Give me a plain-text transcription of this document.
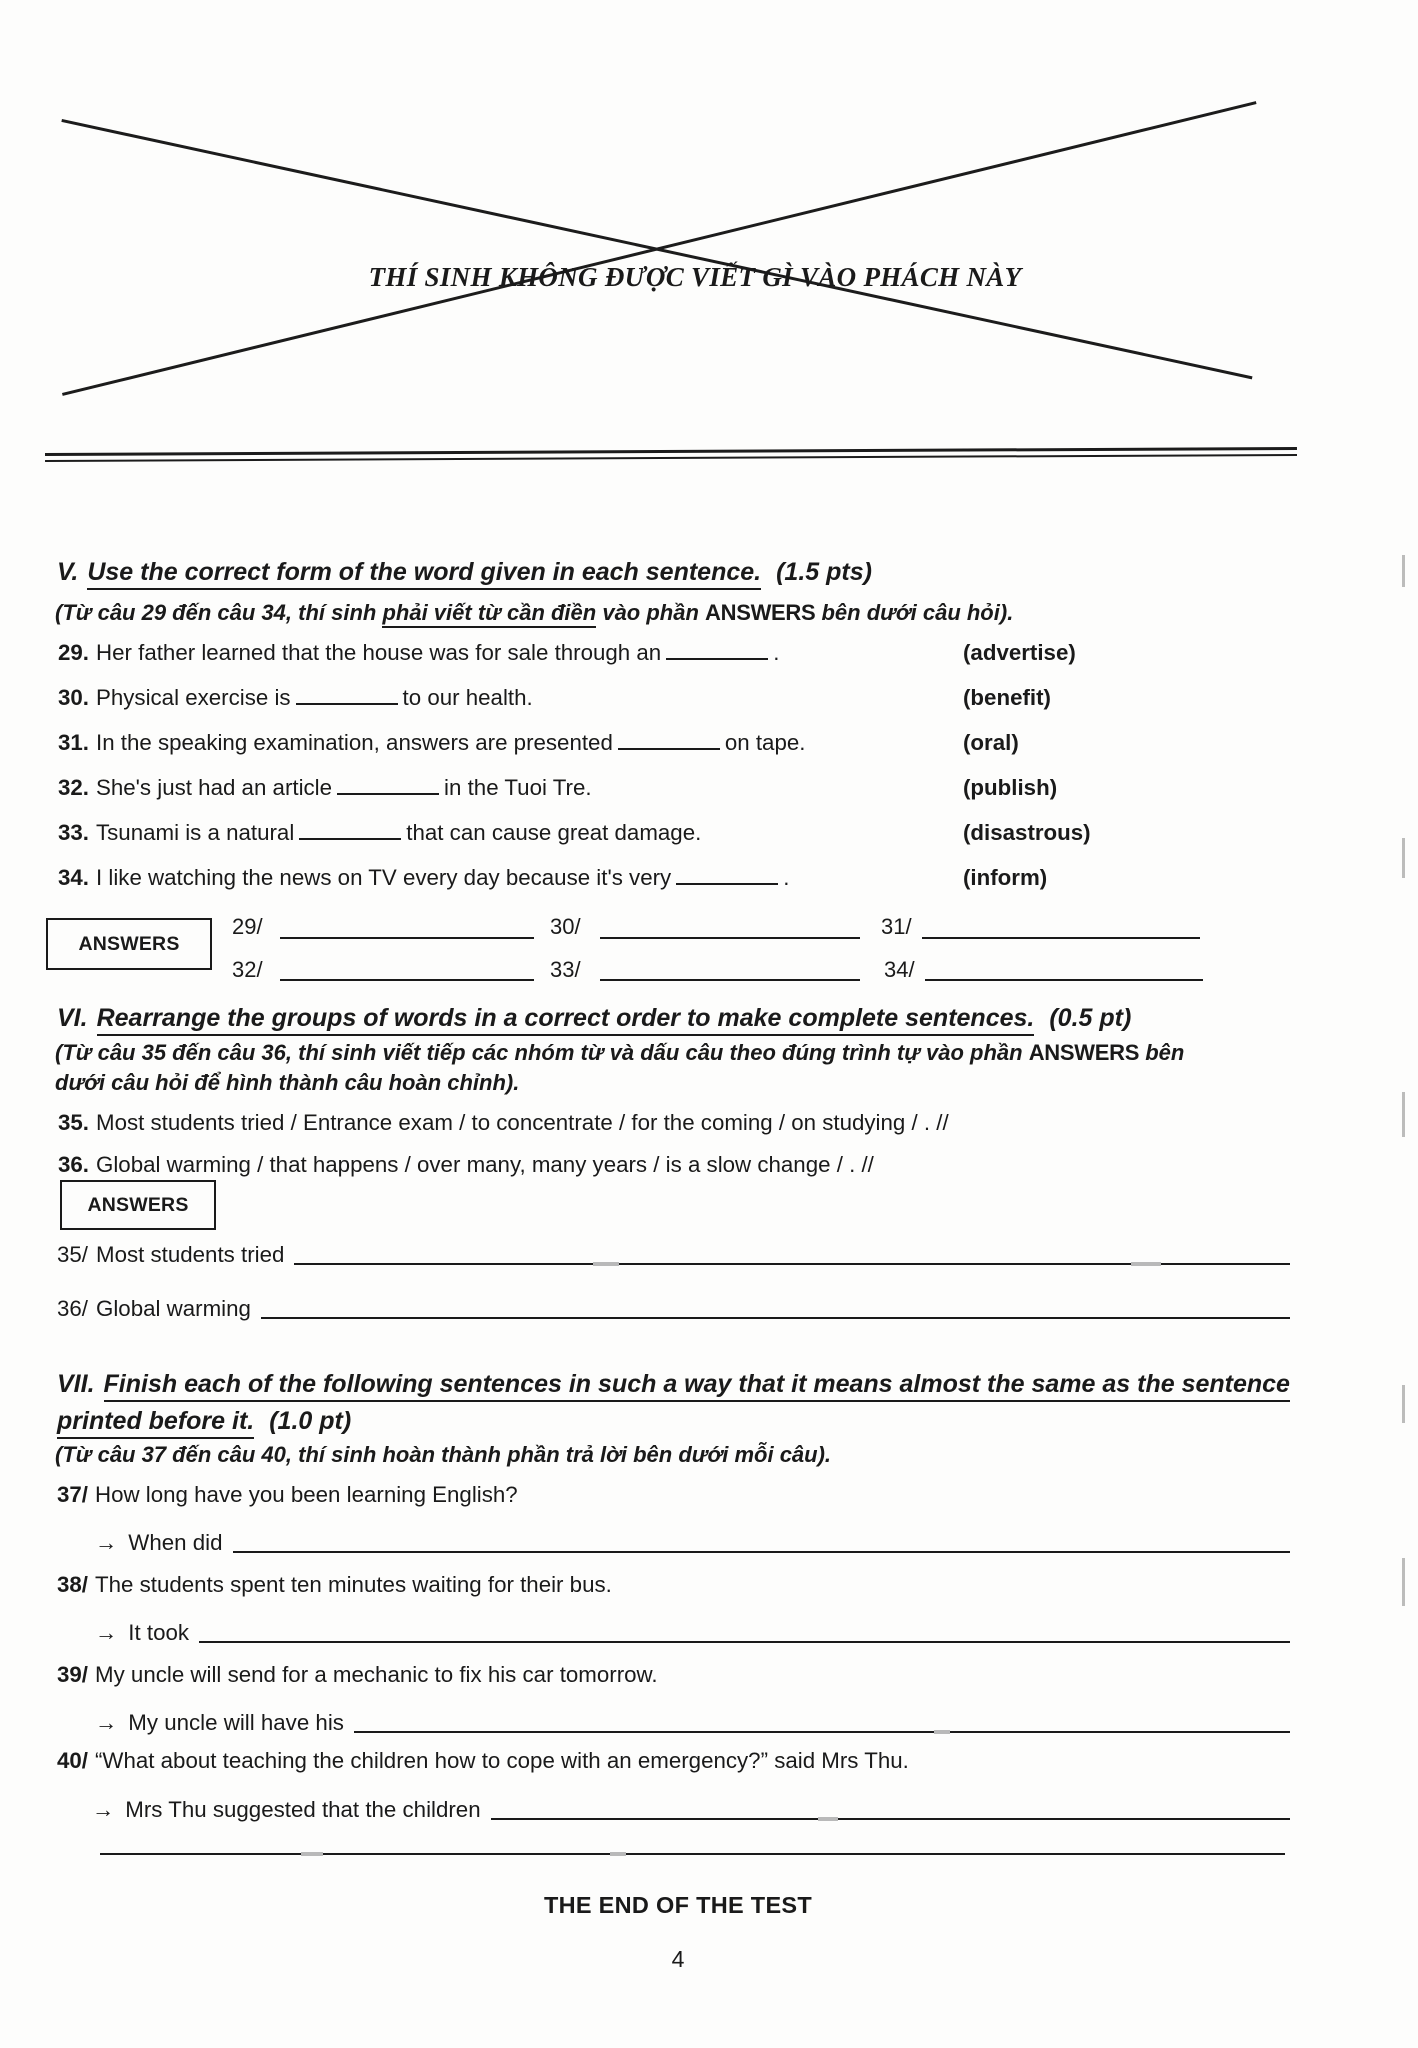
THÍ SINH KHÔNG ĐƯỢC VIẾT GÌ VÀO PHÁCH NÀY
V. Use the correct form of the word given in each sentence. (1.5 pts)
(Từ câu 29 đến câu 34, thí sinh phải viết từ cần điền vào phần ANSWERS bên dưới câu hỏi).
29. Her father learned that the house was for sale through an	.	(advertise)
30. Physical exercise is	to our health.	(benefit)
31. In the speaking examination, answers are presented	on tape.	(oral)
32. She's just had an article	in the Tuoi Tre.	(publish)
33. Tsunami is a natural	that can cause great damage.	(disastrous)
34. I like watching the news on TV every day because it's very	.	(inform)
ANSWERS
29/	30/	31/
32/	33/	34/
VI. Rearrange the groups of words in a correct order to make complete sentences. (0.5 pt)
(Từ câu 35 đến câu 36, thí sinh viết tiếp các nhóm từ và dấu câu theo đúng trình tự vào phần ANSWERS bên
dưới câu hỏi để hình thành câu hoàn chỉnh).
35. Most students tried / Entrance exam / to concentrate / for the coming / on studying / . //
36. Global warming / that happens / over many, many years / is a slow change / . //
ANSWERS
35/ Most students tried
36/ Global warming
VII. Finish each of the following sentences in such a way that it means almost the same as the sentence
printed before it. (1.0 pt)
(Từ câu 37 đến câu 40, thí sinh hoàn thành phần trả lời bên dưới mỗi câu).
37/ How long have you been learning English?
→ When did
38/ The students spent ten minutes waiting for their bus.
→ It took
39/ My uncle will send for a mechanic to fix his car tomorrow.
→ My uncle will have his
40/ “What about teaching the children how to cope with an emergency?” said Mrs Thu.
→ Mrs Thu suggested that the children
THE END OF THE TEST
4
